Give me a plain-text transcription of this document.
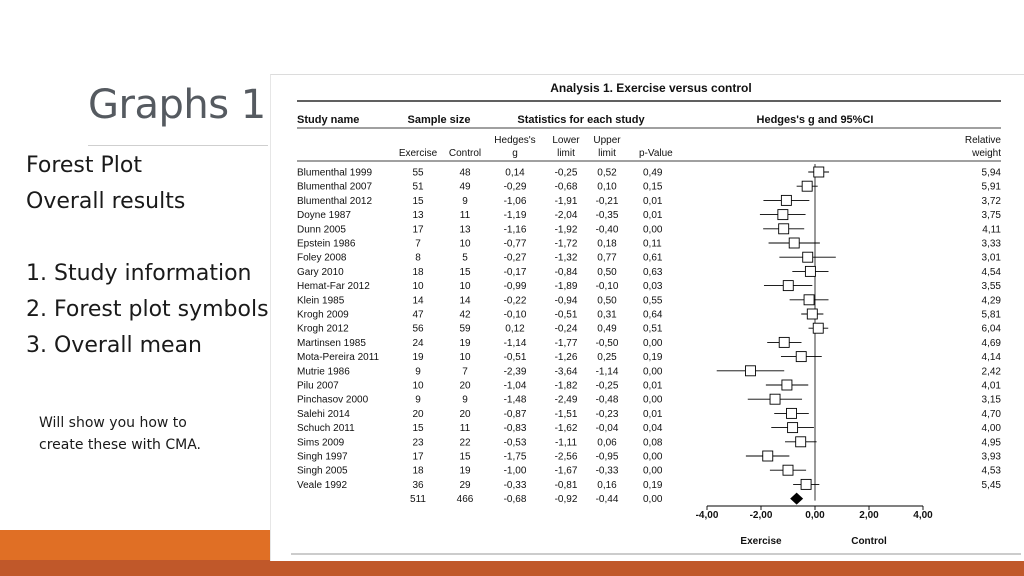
Graphs 1
Forest Plot
Overall results
1. Study information
2. Forest plot symbols
3. Overall mean
Will show you how to
create these with CMA.
Analysis 1. Exercise versus control
Study name	Sample size	Statistics for each study	Hedges's g and 95%CI
Exercise Control
Hedges's
g
Lower
limit
Upper
limit p-Value
Relative
weight
Blumenthal 1999	55	48	0,14	-0,25 0,52	0,49	5,94
Blumenthal 2007	51	49	-0,29	-0,68 0,10	0,15	5,91
Blumenthal 2012	15	9	-1,06	-1,91 -0,21 0,01	3,72
Doyne 1987	13	11	-1,19	-2,04 -0,35 0,01	3,75
Dunn 2005	17	13	-1,16	-1,92 -0,40 0,00	4,11
Epstein 1986	7	10	-0,77	-1,72 0,18	0,11	3,33
Foley 2008	8	5	-0,27	-1,32 0,77	0,61	3,01
Gary 2010	18	15	-0,17	-0,84 0,50	0,63	4,54
Hemat-Far 2012	10	10	-0,99	-1,89 -0,10 0,03	3,55
Klein 1985	14	14	-0,22	-0,94 0,50	0,55	4,29
Krogh 2009	47	42	-0,10	-0,51 0,31	0,64	5,81
Krogh 2012	56	59	0,12	-0,24 0,49	0,51	6,04
Martinsen 1985	24	19	-1,14	-1,77 -0,50 0,00	4,69
Mota-Pereira 2011	19	10	-0,51	-1,26 0,25	0,19	4,14
Mutrie 1986	9	7	-2,39	-3,64 -1,14 0,00	2,42
Pilu 2007	10	20	-1,04	-1,82 -0,25 0,01	4,01
Pinchasov 2000	9	9	-1,48	-2,49 -0,48 0,00	3,15
Salehi 2014	20	20	-0,87	-1,51 -0,23 0,01	4,70
Schuch 2011	15	11	-0,83	-1,62 -0,04 0,04	4,00
Sims 2009	23	22	-0,53	-1,11 0,06	0,08	4,95
Singh 1997	17	15	-1,75	-2,56 -0,95 0,00	3,93
Singh 2005	18	19	-1,00	-1,67 -0,33 0,00	4,53
Veale 1992	36	29	-0,33	-0,81 0,16	0,19	5,45
511	466	-0,68	-0,92 -0,44 0,00
-4,00	-2,00	0,00	2,00	4,00
Exercise	Control
